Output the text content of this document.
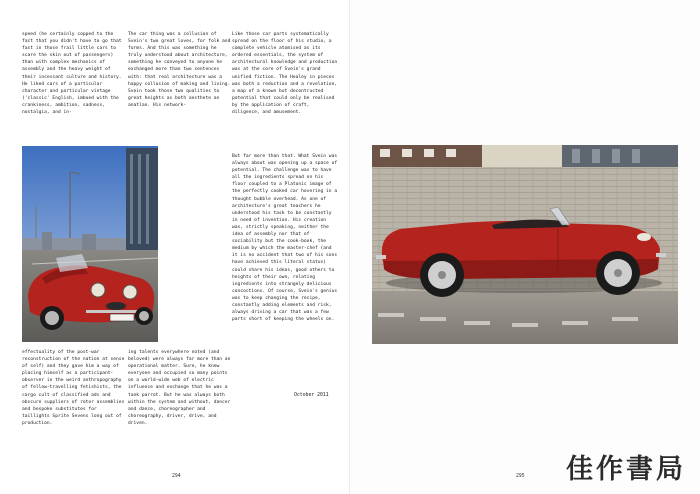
speed (he certainly copped to the fact that you didn't have to go that fast in those frail little cars to scare the skin out of passengers) than with complex mechanics of assembly and the heavy weight of their incessant culture and history. He liked cars of a particular character and particular vintage ('classic' English, imbued with the crankiness, ambition, sadness, nostalgia, and in-

The car thing was a collusion of Svein's two great loves, for folk and forms. And this was something he truly understood about architecture, something he conveyed to anyone he exchanged more than two sentences with: that real architecture was a happy collusion of making and living. Svein took those two qualities to great heights as both aesthete an anatlan. His network-

effectuality of the post-war reconstruction of the nation at sense of self) and they gave him a way of placing himself as a participant-observer in the weird anthropography of fellow-travelling fetishists, the cargo cult of classified ads and obscure suppliers of rotor assemblies and bespoke substitutes for taillights Sprite Sevens long out of production.

ing talents everywhere noted (and beloved) were always far more than an operational matter. Sure, he knew everyone and occupied so many points on a world-wide web of electric influence and exchange that he was a tank parrot. But he was always both within the system and without, dancer and dance, choreographer and choreography, driver, drive, and driven.

294

Like those car parts systematically spread on the floor of his studio, a complete vehicle atomised as its ordered essentials, the system of architectural knowledge and production was at the core of Svein's grand unified fiction. The Healey in pieces was both a reduction and a revelation, a map of a known but decontructed potential that could only be realised by the application of craft, diligence, and amusement.

But far more than that. What Svein was always about was opening up a space of potential. The challenge was to have all the ingredients spread on his floor coupled to a Platonic image of the perfectly cooked car hovering in a thought bubble overhead. As one of architecture's great teachers he understood his task to be constantly in need of invention. His creation was, strictly speaking, neither the idea of assembly nor that of sociability but the cook-book, the medium by which the master-chef (and it is no accident that two of his sons have achieved this literal status) could share his ideas, good others to heights of their own, relating ingredients into strangely delicious concoctions. Of course, Svein's genius was to keep changing the recipe, constantly adding elements and risk, always driving a car that was a few parts short of keeping the wheels on.

October 2011
295 佳作書局
